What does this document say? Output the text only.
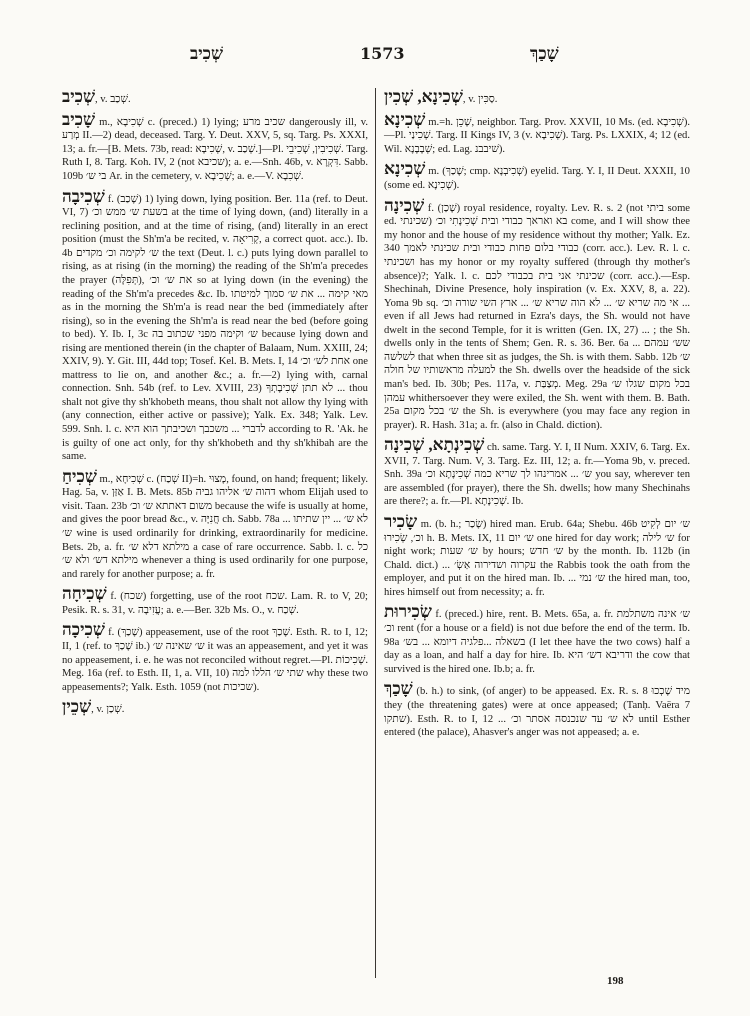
שְׁכִיב	1573	שָׁכַךְ
שְׁכִיב, v. שְׁכַב.
שָׁכִיב m., שְׁכִיבָא c. (preced.) 1) lying; שכיב מרע dangerously ill, v. מְרַע II.—2) dead, deceased. Targ. Y. Deut. XXV, 5, sq. Targ. Ps. XXXI, 13; a. fr.—[B. Mets. 73b, read: שְׁכִיבָא, v. שְׁכַב.]—Pl. שְׁכִיבִין, שְׁכִיבֵי. Targ. Ruth I, 8. Targ. Koh. IV, 2 (not שכיבא); a. e.—Snh. 46b, v. דִּקְרָא. Sabb. 109b בי ש׳ Ar. in the cemetery, v. שְׁכִיבָא; a. e.—V. שְׁכִבָא.
שְׁכִיבָה f. (שָׁכַב) 1) lying down, lying position. Ber. 11a (ref. to Deut. VI, 7) בשעת ש׳ ממש וכ׳ at the time of lying down, (and) literally in a reclining position, and at the time of rising, (and) literally in an erect position (must the Sh'm'a be recited, v. קְרִיאָה, a correct quot. acc.). Ib. 4b ש׳ לקימה וכ׳ מקדים the text (Deut. l. c.) puts lying down parallel to rising, as at rising (in the morning) the reading of the Sh'm'a precedes the prayer (תְּפִלָּה), את ש׳ וכ׳ so at lying down (in the evening) the reading of the Sh'm'a precedes &c. Ib. מאי קימה ... את ש׳ סמוך למיטתו as in the morning the Sh'm'a is read near the bed (immediately after rising), so in the evening the Sh'm'a is read near the bed (before going to bed). Y. Ib. I, 3c ש׳ וקימה מפני שכתוב בה because lying down and rising are mentioned therein (in the chapter of Balaam, Num. XXIII, 24; XXIV, 9). Y. Git. III, 44d top; Tosef. Kel. B. Mets. I, 14 אחת לש׳ וכ׳ one mattress to lie on, and another &c.; a. fr.—2) lying with, carnal connection. Snh. 54b (ref. to Lev. XVIII, 23) לא תתן שְׁכִיבָתְךָ ... thou shalt not give thy sh'khobeth means, thou shalt not allow thy lying with (any connection, either active or passive); Yalk. Ex. 348; Yalk. Lev. 599. Snh. l. c. לדברי ... משכבך ושכיבתך הוא היא according to R. 'Ak. he is guilty of one act only, for thy sh'khobeth and thy sh'khibah are the same.
שְׁכִיחַ m., שְׁכִיחָא c. (שְׁכַח II)=h. מָצוּי, found, on hand; frequent; likely. Hag. 5a, v. אַזַּן I. B. Mets. 85b דהוה ש׳ אליהו גביה whom Elijah used to visit. Taan. 23b משום דאתתא ש׳ וכ׳ because the wife is usually at home, and gives the poor bread &c., v. חֲנִיָּה ch. Sabb. 78a ... לא ש׳ ... יין שתיתו ש׳ wine is used ordinarily for drinking, extraordinarily for medicine. Bets. 2b, a. fr. מילתא דלא ש׳ a case of rare occurrence. Sabb. l. c. כל מילתא דש׳ ולא ש׳ whenever a thing is used ordinarily for one purpose, and rarely for another purpose; a. fr.
שְׁכִיחָה f. (שכח) forgetting, use of the root שכח. Lam. R. to V, 20; Pesik. R. s. 31, v. עֲזִיבָה; a. e.—Ber. 32b Ms. O., v. שְׁכַח.
שְׁכִיכָה f. (שָׁכַךְ) appeasement, use of the root שָׁכַךְ. Esth. R. to I, 12; II, 1 (ref. to שָׁכַךְ ib.) ש׳ שאינה ש׳ it was an appeasement, and yet it was no appeasement, i. e. he was not reconciled without regret.—Pl. שְׁכִיכוֹת. Meg. 16a (ref. to Esth. II, 1, a. VII, 10) שתי ש׳ הללו למה why these two appeasements?; Yalk. Esth. 1059 (not שכיכות).
שְׁכֵין, v. שְׁכַן.
שְׁכִינָא, שְׁכִין, v. סַכִּין.
שְׁכִינָא m.=h. שָׁכֵן, neighbor. Targ. Prov. XXVII, 10 Ms. (ed. שְׁכִיבָא).—Pl. שְׁכִינַי. Targ. II Kings IV, 3 (v. שְׁכִיבָא). Targ. Ps. LXXIX, 4; 12 (ed. Wil. שְׁבָבָנָא; ed. Lag. שׁיבבנ).
שְׁכִינָא m. (שָׁכַךְ; cmp. שְׁכִיבְנָא) eyelid. Targ. Y. I, II Deut. XXXII, 10 (some ed. שְׁכִינָא).
שְׁכִינָה f. (שָׁכַן) royal residence, royalty. Lev. R. s. 2 (not ביתי some ed. שכינתי) בא ואראך כבודי ובית שְׁכִינָתִי וכ׳ come, and I will show thee my honor and the house of my residence without thy mother; Yalk. Ez. 340 כבודי בלום פחות כבודי ובית שכינתי לאמך (corr. acc.). Lev. R. l. c. ושכינתי has my honor or my royalty suffered (through thy mother's absence)?; Yalk. l. c. שכינתי אני בית בכבודי לכם (corr. acc.).—Esp. Shechinah, Divine Presence, holy inspiration (v. Ex. XXV, 8, a. 22). Yoma 9b sq. אי מה שריא ש׳ ... לא הוה שריא ש׳ ... ארץ השי שורה וכ׳ ... even if all Jews had returned in Ezra's days, the Sh. would not have dwelt in the second Temple, for it is written (Gen. IX, 27) ... ; the Sh. dwells only in the tents of Shem; Gen. R. s. 36. Ber. 6a ... שש׳ עמהם לשלשה that when three sit as judges, the Sh. is with them. Sabb. 12b ש׳ למעלה מראשותיו של חולה the Sh. dwells over the headside of the sick man's bed. Ib. 30b; Pes. 117a, v. מְצַבַּת. Meg. 29a בכל מקום שגלו ש׳ עמהן whithersoever they were exiled, the Sh. went with them. B. Bath. 25a ש׳ בכל מקום the Sh. is everywhere (you may face any region in prayer). R. Hash. 31a; a. fr. (also in Chald. diction).
שְׁכִינְתָא, שְׁכִינָה ch. same. Targ. Y. I, II Num. XXIV, 6. Targ. Ex. XVII, 7. Targ. Num. V, 3. Targ. Ez. III, 12; a. fr.—Yoma 9b, v. preced. Snh. 39a ש׳ ... אמרינהו לך שריא כמה שְׁכִינָתָא וכ׳ you say, wherever ten are assembled (for prayer), there the Sh. dwells; how many Shechinahs are there?; a. fr.—Pl. שְׁכִינָתָא. Ib.
שָׂכִיר m. (b. h.; שָׂכַר) hired man. Erub. 64a; Shebu. 46b ש׳ יום לְקִיט וכ׳, שְׂכִירוּ h. B. Mets. IX, 11 ש׳ יום one hired for day work; ש׳ לילה for night work; ש׳ שעות by hours; ש׳ חדש by the month. Ib. 112b (in Chald. dict.) ... עקרוה ושדירוה אַשְׂ׳ the Rabbis took the oath from the employer, and put it on the hired man. Ib. ... ש׳ נמי the hired man, too, hires himself out from necessity; a. fr.
שְׂכִירוּת f. (preced.) hire, rent. B. Mets. 65a, a. fr. ש׳ אינה משתלמת וכ׳ rent (for a house or a field) is not due before the end of the term. Ib. 98a בשאלה ...פלגיה דיומא ... בש׳ (I let thee have the two cows) half a day as a loan, and half a day for hire. Ib. ודריבא דש׳ היא the cow that survived is the hired one. Ib.b; a. fr.
שָׁכַךְ (b. h.) to sink, (of anger) to be appeased. Ex. R. s. 8 מיד שָׁכְכוּ they (the threatening gates) were at once appeased; (Tanḥ. Vaëra 7 שתקו). Esth. R. to I, 12 ... לא ש׳ עד שנכנסה אסתר וכ׳ until Esther entered (the palace), Ahasver's anger was not appeased; a. e.
198
